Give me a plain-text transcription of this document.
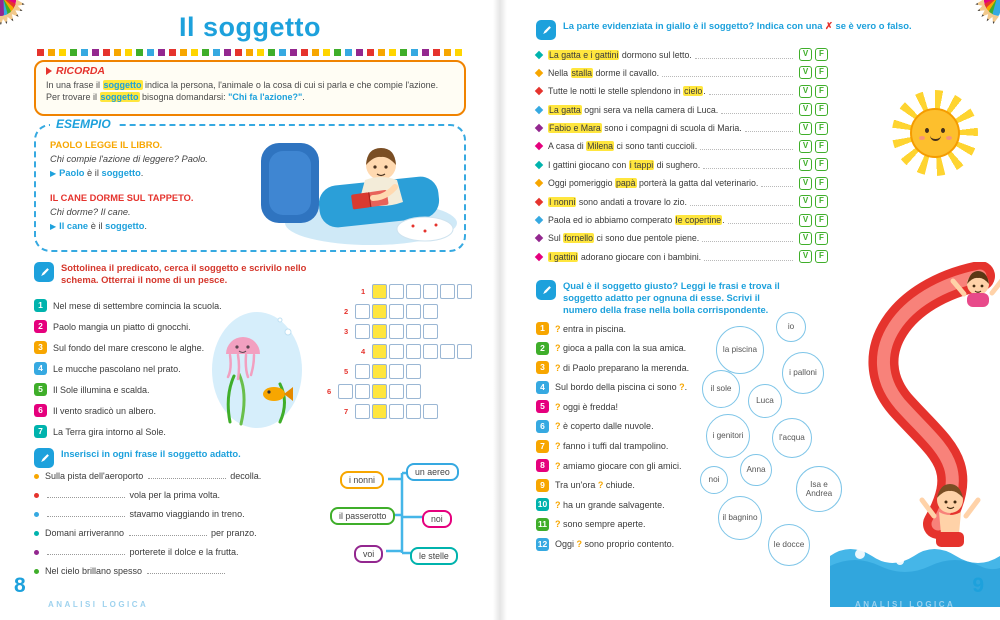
Il soggetto
RICORDA

In una frase il soggetto indica la persona, l'animale o la cosa di cui si parla e che compie l'azione. Per trovare il soggetto bisogna domandarsi: "Chi fa l'azione?".

ESEMPIO

PAOLO LEGGE IL LIBRO.

Chi compie l'azione di leggere? Paolo.

▶ Paolo è il soggetto.

IL CANE DORME SUL TAPPETO.

Chi dorme? Il cane.

▶ Il cane è il soggetto.

Sottolinea il predicato, cerca il soggetto e scrivilo nello schema. Otterrai il nome di un pesce.

1	Nel mese di settembre comincia la scuola.
2	Paolo mangia un piatto di gnocchi.
3	Sul fondo del mare crescono le alghe.
4	Le mucche pascolano nel prato.
5	Il Sole illumina e scalda.
6	Il vento sradicò un albero.
7	La Terra gira intorno al Sole.
1
2
3
4
5
6
7

Inserisci in ogni frase il soggetto adatto.

Sulla pista dell'aeroporto	decolla.
vola per la prima volta.
stavamo viaggiando in treno.
Domani arriveranno	per pranzo.
porterete il dolce e la frutta.
Nel cielo brillano spesso
i nonni
un aereo
il passerotto	noi
voi	le stelle
8
ANALISI LOGICA

La parte evidenziata in giallo è il soggetto? Indica con una ✗ se è vero o falso.

La gatta e i gattini dormono sul letto.	V	F
Nella stalla dorme il cavallo.	V	F
Tutte le notti le stelle splendono in cielo.	V	F
La gatta ogni sera va nella camera di Luca.	V	F
Fabio e Mara sono i compagni di scuola di Maria.	V	F
A casa di Milena ci sono tanti cuccioli.	V	F
I gattini giocano con i tappi di sughero.	V	F
Oggi pomeriggio papà porterà la gatta dal veterinario.	V	F
I nonni sono andati a trovare lo zio.	V	F
Paola ed io abbiamo comperato le copertine.	V	F
Sul fornello ci sono due pentole piene.	V	F
I gattini adorano giocare con i bambini.	V	F

Qual è il soggetto giusto? Leggi le frasi e trova il soggetto adatto per ognuna di esse. Scrivi il numero della frase nella bolla corrispondente.

1	? entra in piscina.
2	? gioca a palla con la sua amica.
3	? di Paolo preparano la merenda.
4	Sul bordo della piscina ci sono ?.
5	? oggi è fredda!
6	? è coperto dalle nuvole.
7	? fanno i tuffi dal trampolino.
8	? amiamo giocare con gli amici.
9	Tra un'ora ? chiude.
10 ? ha un grande salvagente.
11 ? sono sempre aperte.
12 Oggi ? sono proprio contento.
io
la piscina
i palloni
il sole
Luca
i genitori	l'acqua
Anna
noi	Isa e Andrea
il bagnino
le docce
ANALISI LOGICA
9
